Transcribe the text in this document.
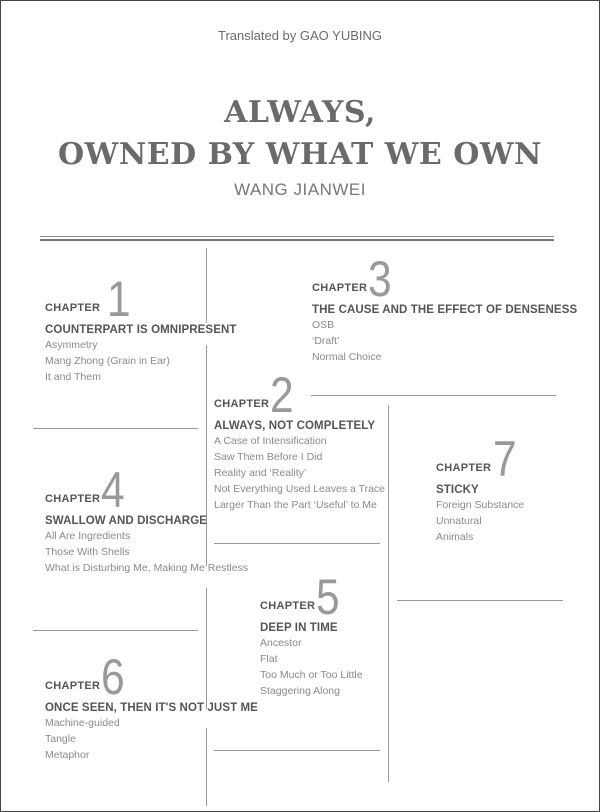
Translated by GAO YUBING
ALWAYS,
OWNED BY WHAT WE OWN
WANG JIANWEI
CHAPTER 1
COUNTERPART IS OMNIPRESENT
Asymmetry
Mang Zhong (Grain in Ear)
It and Them
CHAPTER 3
THE CAUSE AND THE EFFECT OF DENSENESS
OSB
‘Draft’
Normal Choice
CHAPTER 2
ALWAYS, NOT COMPLETELY
A Case of Intensification
Saw Them Before I Did
Reality and ‘Reality’
Not Everything Used Leaves a Trace
Larger Than the Part ‘Useful’ to Me
CHAPTER 7
STICKY
Foreign Substance
Unnatural
Animals
CHAPTER 4
SWALLOW AND DISCHARGE
All Are Ingredients
Those With Shells
What is Disturbing Me, Making Me Restless
CHAPTER 5
DEEP IN TIME
Ancestor
Flat
Too Much or Too Little
Staggering Along
CHAPTER 6
ONCE SEEN, THEN IT'S NOT JUST ME
Machine-guided
Tangle
Metaphor
